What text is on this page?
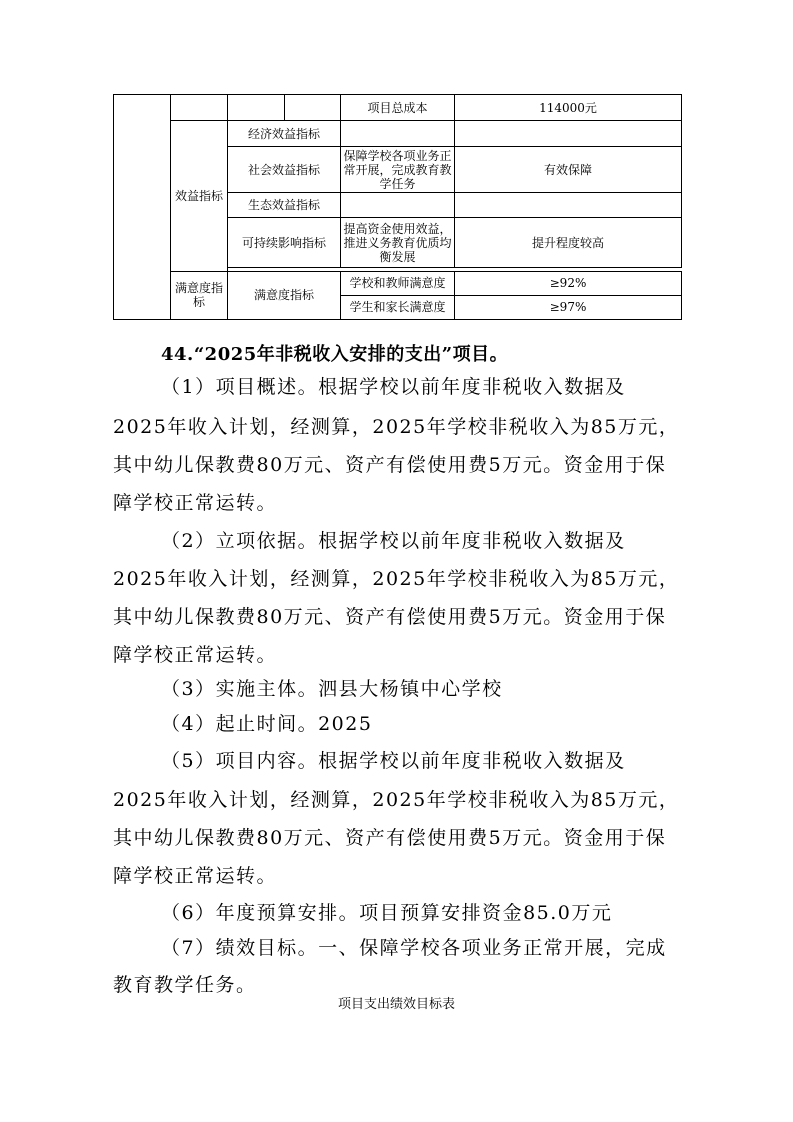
				项目总成本	114000元
	效益指标	经济效益指标			
		社会效益指标		保障学校各项业务正常开展，完成教育教学任务	有效保障
		生态效益指标			
		可持续影响指标		提高资金使用效益，推进义务教育优质均衡发展	提升程度较高

	满意度指标	满意度指标		学校和教师满意度	≥92%
				学生和家长满意度	≥97%
44.“2025年非税收入安排的支出”项目。
（1）项目概述。根据学校以前年度非税收入数据及
2025年收入计划，经测算，2025年学校非税收入为85万元，
其中幼儿保教费80万元、资产有偿使用费5万元。资金用于保
障学校正常运转。
（2）立项依据。根据学校以前年度非税收入数据及
2025年收入计划，经测算，2025年学校非税收入为85万元，
其中幼儿保教费80万元、资产有偿使用费5万元。资金用于保
障学校正常运转。
（3）实施主体。泗县大杨镇中心学校
（4）起止时间。2025
（5）项目内容。根据学校以前年度非税收入数据及
2025年收入计划，经测算，2025年学校非税收入为85万元，
其中幼儿保教费80万元、资产有偿使用费5万元。资金用于保
障学校正常运转。
（6）年度预算安排。项目预算安排资金85.0万元
（7）绩效目标。一、保障学校各项业务正常开展，完成
教育教学任务。
项目支出绩效目标表
